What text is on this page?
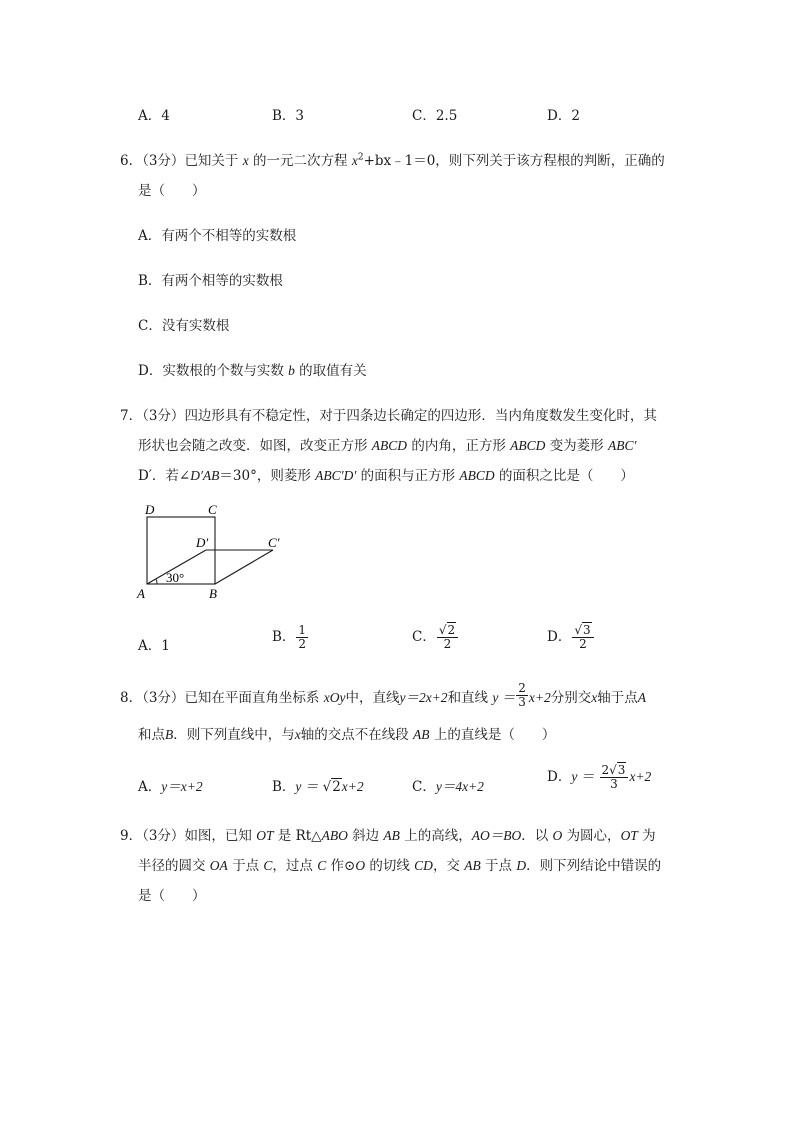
A．4	B．3	C．2.5	D．2
6．（3分）已知关于 x 的一元二次方程 $x^2+bx﹣1=0$，则下列关于该方程根的判断，正确的
是（　　）
A．有两个不相等的实数根
B．有两个相等的实数根
C．没有实数根
D．实数根的个数与实数 b 的取值有关
7．（3分）四边形具有不稳定性，对于四条边长确定的四边形．当内角度数发生变化时，其
形状也会随之改变．如图，改变正方形 ABCD 的内角，正方形 ABCD 变为菱形 ABC′
D′．若∠D′AB＝30°，则菱形 ABC′D′ 的面积与正方形 ABCD 的面积之比是（　　）
D	C
D′	C′
A	B
30°
A．1
B． $\frac{1}{2}$	C． $\frac{√2}{2}$	D． $\frac{√3}{2}$
8．（3分）已知在平面直角坐标系 xOy中，直线y＝2x+2和直线 $y = \frac{2}{3} x+2$分别交x轴于点A
和点B．则下列直线中，与x轴的交点不在线段 AB 上的直线是（　　）
A．y＝x+2	B．y ＝ √2x+2	C．y＝4x+2
D．$y = \frac{2√3}{3} x+2$
9．（3分）如图，已知 OT 是 Rt△ABO 斜边 AB 上的高线，AO＝BO．以 O 为圆心，OT 为
半径的圆交 OA 于点 C，过点 C 作⊙O 的切线 CD，交 AB 于点 D．则下列结论中错误的
是（　　）
